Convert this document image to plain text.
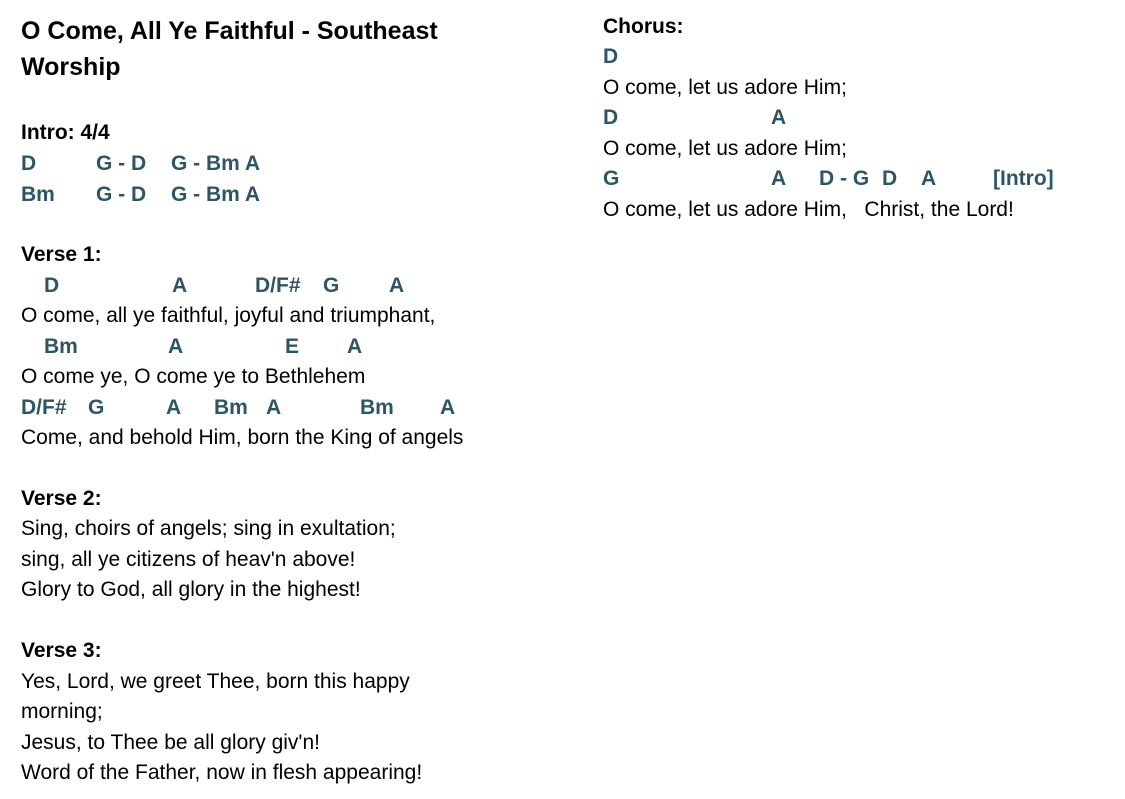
O Come, All Ye Faithful - Southeast Worship
Intro: 4/4

D

	G - D

G - Bm A

Bm

G - D

G - Bm A

Verse 1:

D

	A

	D/F#

G

A

O come, all ye faithful, joyful and triumphant,

Bm

	A

	E

A

O come ye, O come ye to Bethlehem

D/F#

G

	A

Bm

A

	Bm

A

Come, and behold Him, born the King of angels
Verse 2:
Sing, choirs of angels; sing in exultation;
sing, all ye citizens of heav'n above!
Glory to God, all glory in the highest!
Verse 3:
Yes, Lord, we greet Thee, born this happy
morning;
Jesus, to Thee be all glory giv'n!
Word of the Father, now in flesh appearing!
Chorus:

D

O come, let us adore Him;

D

	A

O come, let us adore Him;

G

	A

D - G

D

A

	[Intro]

O come, let us adore Him,   Christ, the Lord!
